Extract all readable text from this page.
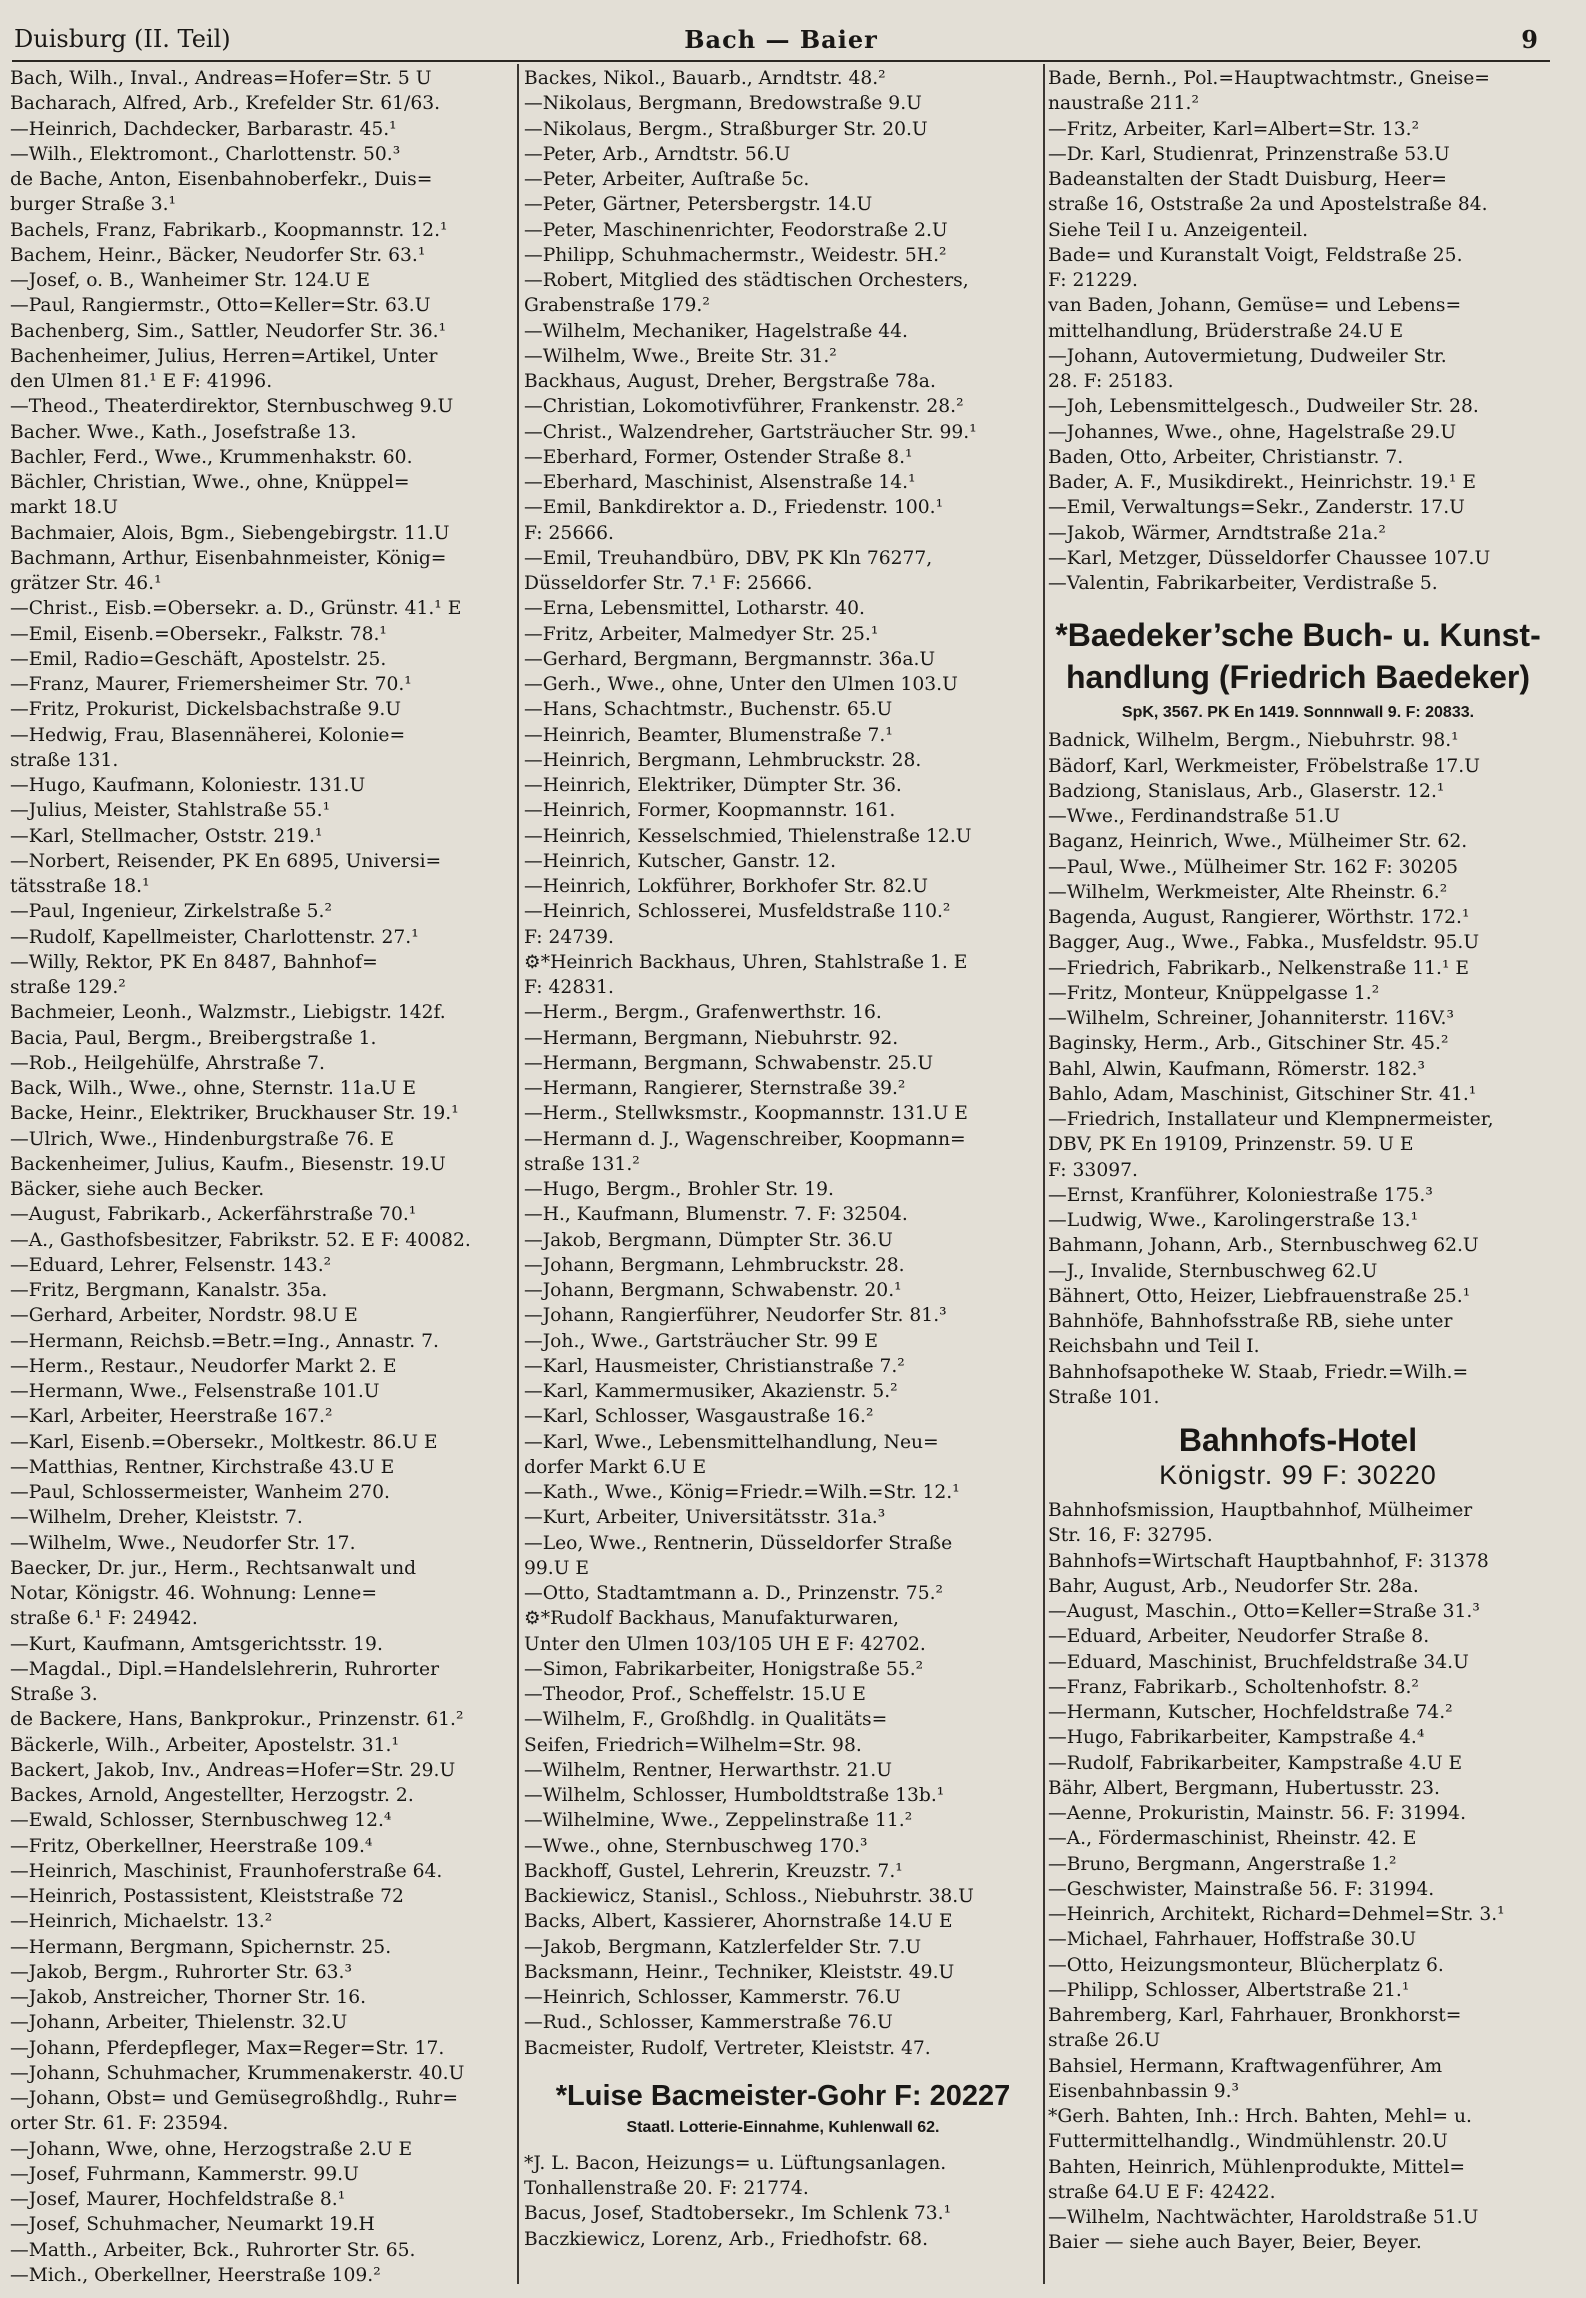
Duisburg (II. Teil)	Bach — Baier	9
Bach, Wilh., Inval., Andreas=Hofer=Str. 5 U
Bacharach, Alfred, Arb., Krefelder Str. 61/63.
—Heinrich, Dachdecker, Barbarastr. 45.¹
—Wilh., Elektromont., Charlottenstr. 50.³
de Bache, Anton, Eisenbahnoberfekr., Duis=
burger Straße 3.¹
Bachels, Franz, Fabrikarb., Koopmannstr. 12.¹
Bachem, Heinr., Bäcker, Neudorfer Str. 63.¹
—Josef, o. B., Wanheimer Str. 124.U E
—Paul, Rangiermstr., Otto=Keller=Str. 63.U
Bachenberg, Sim., Sattler, Neudorfer Str. 36.¹
Bachenheimer, Julius, Herren=Artikel, Unter
den Ulmen 81.¹ E F: 41996.
—Theod., Theaterdirektor, Sternbuschweg 9.U
Bacher. Wwe., Kath., Josefstraße 13.
Bachler, Ferd., Wwe., Krummenhakstr. 60.
Bächler, Christian, Wwe., ohne, Knüppel=
markt 18.U
Bachmaier, Alois, Bgm., Siebengebirgstr. 11.U
Bachmann, Arthur, Eisenbahnmeister, König=
grätzer Str. 46.¹
—Christ., Eisb.=Obersekr. a. D., Grünstr. 41.¹ E
—Emil, Eisenb.=Obersekr., Falkstr. 78.¹
—Emil, Radio=Geschäft, Apostelstr. 25.
—Franz, Maurer, Friemersheimer Str. 70.¹
—Fritz, Prokurist, Dickelsbachstraße 9.U
—Hedwig, Frau, Blasennäherei, Kolonie=
straße 131.
—Hugo, Kaufmann, Koloniestr. 131.U
—Julius, Meister, Stahlstraße 55.¹
—Karl, Stellmacher, Oststr. 219.¹
—Norbert, Reisender, PK En 6895, Universi=
tätsstraße 18.¹
—Paul, Ingenieur, Zirkelstraße 5.²
—Rudolf, Kapellmeister, Charlottenstr. 27.¹
—Willy, Rektor, PK En 8487, Bahnhof=
straße 129.²
Bachmeier, Leonh., Walzmstr., Liebigstr. 142f.
Bacia, Paul, Bergm., Breibergstraße 1.
—Rob., Heilgehülfe, Ahrstraße 7.
Back, Wilh., Wwe., ohne, Sternstr. 11a.U E
Backe, Heinr., Elektriker, Bruckhauser Str. 19.¹
—Ulrich, Wwe., Hindenburgstraße 76. E
Backenheimer, Julius, Kaufm., Biesenstr. 19.U
Bäcker, siehe auch Becker.
—August, Fabrikarb., Ackerfährstraße 70.¹
—A., Gasthofsbesitzer, Fabrikstr. 52. E F: 40082.
—Eduard, Lehrer, Felsenstr. 143.²
—Fritz, Bergmann, Kanalstr. 35a.
—Gerhard, Arbeiter, Nordstr. 98.U E
—Hermann, Reichsb.=Betr.=Ing., Annastr. 7.
—Herm., Restaur., Neudorfer Markt 2. E
—Hermann, Wwe., Felsenstraße 101.U
—Karl, Arbeiter, Heerstraße 167.²
—Karl, Eisenb.=Obersekr., Moltkestr. 86.U E
—Matthias, Rentner, Kirchstraße 43.U E
—Paul, Schlossermeister, Wanheim 270.
—Wilhelm, Dreher, Kleiststr. 7.
—Wilhelm, Wwe., Neudorfer Str. 17.
Baecker, Dr. jur., Herm., Rechtsanwalt und
Notar, Königstr. 46. Wohnung: Lenne=
straße 6.¹ F: 24942.
—Kurt, Kaufmann, Amtsgerichtsstr. 19.
—Magdal., Dipl.=Handelslehrerin, Ruhrorter
Straße 3.
de Backere, Hans, Bankprokur., Prinzenstr. 61.²
Bäckerle, Wilh., Arbeiter, Apostelstr. 31.¹
Backert, Jakob, Inv., Andreas=Hofer=Str. 29.U
Backes, Arnold, Angestellter, Herzogstr. 2.
—Ewald, Schlosser, Sternbuschweg 12.⁴
—Fritz, Oberkellner, Heerstraße 109.⁴
—Heinrich, Maschinist, Fraunhoferstraße 64.
—Heinrich, Postassistent, Kleiststraße 72
—Heinrich, Michaelstr. 13.²
—Hermann, Bergmann, Spichernstr. 25.
—Jakob, Bergm., Ruhrorter Str. 63.³
—Jakob, Anstreicher, Thorner Str. 16.
—Johann, Arbeiter, Thielenstr. 32.U
—Johann, Pferdepfleger, Max=Reger=Str. 17.
—Johann, Schuhmacher, Krummenakerstr. 40.U
—Johann, Obst= und Gemüsegroßhdlg., Ruhr=
orter Str. 61. F: 23594.
—Johann, Wwe, ohne, Herzogstraße 2.U E
—Josef, Fuhrmann, Kammerstr. 99.U
—Josef, Maurer, Hochfeldstraße 8.¹
—Josef, Schuhmacher, Neumarkt 19.H
—Matth., Arbeiter, Bck., Ruhrorter Str. 65.
—Mich., Oberkellner, Heerstraße 109.²
Backes, Nikol., Bauarb., Arndtstr. 48.²
—Nikolaus, Bergmann, Bredowstraße 9.U
—Nikolaus, Bergm., Straßburger Str. 20.U
—Peter, Arb., Arndtstr. 56.U
—Peter, Arbeiter, Auſtraße 5c.
—Peter, Gärtner, Petersbergstr. 14.U
—Peter, Maschinenrichter, Feodorstraße 2.U
—Philipp, Schuhmachermstr., Weidestr. 5H.²
—Robert, Mitglied des städtischen Orchesters,
Grabenstraße 179.²
—Wilhelm, Mechaniker, Hagelstraße 44.
—Wilhelm, Wwe., Breite Str. 31.²
Backhaus, August, Dreher, Bergstraße 78a.
—Christian, Lokomotivführer, Frankenstr. 28.²
—Christ., Walzendreher, Gartsträucher Str. 99.¹
—Eberhard, Former, Ostender Straße 8.¹
—Eberhard, Maschinist, Alsenstraße 14.¹
—Emil, Bankdirektor a. D., Friedenstr. 100.¹
F: 25666.
—Emil, Treuhandbüro, DBV, PK Kln 76277,
Düsseldorfer Str. 7.¹ F: 25666.
—Erna, Lebensmittel, Lotharstr. 40.
—Fritz, Arbeiter, Malmedyer Str. 25.¹
—Gerhard, Bergmann, Bergmannstr. 36a.U
—Gerh., Wwe., ohne, Unter den Ulmen 103.U
—Hans, Schachtmstr., Buchenstr. 65.U
—Heinrich, Beamter, Blumenstraße 7.¹
—Heinrich, Bergmann, Lehmbruckstr. 28.
—Heinrich, Elektriker, Dümpter Str. 36.
—Heinrich, Former, Koopmannstr. 161.
—Heinrich, Kesselschmied, Thielenstraße 12.U
—Heinrich, Kutscher, Ganstr. 12.
—Heinrich, Lokführer, Borkhofer Str. 82.U
—Heinrich, Schlosserei, Musfeldstraße 110.²
F: 24739.
⚙*Heinrich Backhaus, Uhren, Stahlstraße 1. E
F: 42831.
—Herm., Bergm., Grafenwerthstr. 16.
—Hermann, Bergmann, Niebuhrstr. 92.
—Hermann, Bergmann, Schwabenstr. 25.U
—Hermann, Rangierer, Sternstraße 39.²
—Herm., Stellwksmstr., Koopmannstr. 131.U E
—Hermann d. J., Wagenschreiber, Koopmann=
straße 131.²
—Hugo, Bergm., Brohler Str. 19.
—H., Kaufmann, Blumenstr. 7. F: 32504.
—Jakob, Bergmann, Dümpter Str. 36.U
—Johann, Bergmann, Lehmbruckstr. 28.
—Johann, Bergmann, Schwabenstr. 20.¹
—Johann, Rangierführer, Neudorfer Str. 81.³
—Joh., Wwe., Gartsträucher Str. 99 E
—Karl, Hausmeister, Christianstraße 7.²
—Karl, Kammermusiker, Akazienstr. 5.²
—Karl, Schlosser, Wasgaustraße 16.²
—Karl, Wwe., Lebensmittelhandlung, Neu=
dorfer Markt 6.U E
—Kath., Wwe., König=Friedr.=Wilh.=Str. 12.¹
—Kurt, Arbeiter, Universitätsstr. 31a.³
—Leo, Wwe., Rentnerin, Düsseldorfer Straße
99.U E
—Otto, Stadtamtmann a. D., Prinzenstr. 75.²
⚙*Rudolf Backhaus, Manufakturwaren,
Unter den Ulmen 103/105 UH E F: 42702.
—Simon, Fabrikarbeiter, Honigstraße 55.²
—Theodor, Prof., Scheffelstr. 15.U E
—Wilhelm, F., Großhdlg. in Qualitäts=
Seifen, Friedrich=Wilhelm=Str. 98.
—Wilhelm, Rentner, Herwarthstr. 21.U
—Wilhelm, Schlosser, Humboldtstraße 13b.¹
—Wilhelmine, Wwe., Zeppelinstraße 11.²
—Wwe., ohne, Sternbuschweg 170.³
Backhoff, Gustel, Lehrerin, Kreuzstr. 7.¹
Backiewicz, Stanisl., Schloss., Niebuhrstr. 38.U
Backs, Albert, Kassierer, Ahornstraße 14.U E
—Jakob, Bergmann, Katzlerfelder Str. 7.U
Backsmann, Heinr., Techniker, Kleiststr. 49.U
—Heinrich, Schlosser, Kammerstr. 76.U
—Rud., Schlosser, Kammerstraße 76.U
Bacmeister, Rudolf, Vertreter, Kleiststr. 47.
*Luise Bacmeister-Gohr F: 20227
Staatl. Lotterie-Einnahme, Kuhlenwall 62.
*J. L. Bacon, Heizungs= u. Lüftungsanlagen.
Tonhallenstraße 20. F: 21774.
Bacus, Josef, Stadtobersekr., Im Schlenk 73.¹
Baczkiewicz, Lorenz, Arb., Friedhofstr. 68.
Bade, Bernh., Pol.=Hauptwachtmstr., Gneise=
naustraße 211.²
—Fritz, Arbeiter, Karl=Albert=Str. 13.²
—Dr. Karl, Studienrat, Prinzenstraße 53.U
Badeanstalten der Stadt Duisburg, Heer=
straße 16, Oststraße 2a und Apostelstraße 84.
Siehe Teil I u. Anzeigenteil.
Bade= und Kuranstalt Voigt, Feldstraße 25.
F: 21229.
van Baden, Johann, Gemüse= und Lebens=
mittelhandlung, Brüderstraße 24.U E
—Johann, Autovermietung, Dudweiler Str.
28. F: 25183.
—Joh, Lebensmittelgesch., Dudweiler Str. 28.
—Johannes, Wwe., ohne, Hagelstraße 29.U
Baden, Otto, Arbeiter, Christianstr. 7.
Bader, A. F., Musikdirekt., Heinrichstr. 19.¹ E
—Emil, Verwaltungs=Sekr., Zanderstr. 17.U
—Jakob, Wärmer, Arndtstraße 21a.²
—Karl, Metzger, Düsseldorfer Chaussee 107.U
—Valentin, Fabrikarbeiter, Verdistraße 5.
*Baedeker’sche Buch- u. Kunst-
handlung (Friedrich Baedeker)
SpK, 3567. PK En 1419. Sonnnwall 9. F: 20833.
Badnick, Wilhelm, Bergm., Niebuhrstr. 98.¹
Bädorf, Karl, Werkmeister, Fröbelstraße 17.U
Badziong, Stanislaus, Arb., Glaserstr. 12.¹
—Wwe., Ferdinandstraße 51.U
Baganz, Heinrich, Wwe., Mülheimer Str. 62.
—Paul, Wwe., Mülheimer Str. 162 F: 30205
—Wilhelm, Werkmeister, Alte Rheinstr. 6.²
Bagenda, August, Rangierer, Wörthstr. 172.¹
Bagger, Aug., Wwe., Fabka., Musfeldstr. 95.U
—Friedrich, Fabrikarb., Nelkenstraße 11.¹ E
—Fritz, Monteur, Knüppelgasse 1.²
—Wilhelm, Schreiner, Johanniterstr. 116V.³
Baginsky, Herm., Arb., Gitschiner Str. 45.²
Bahl, Alwin, Kaufmann, Römerstr. 182.³
Bahlo, Adam, Maschinist, Gitschiner Str. 41.¹
—Friedrich, Installateur und Klempnermeister,
DBV, PK En 19109, Prinzenstr. 59. U E
F: 33097.
—Ernst, Kranführer, Koloniestraße 175.³
—Ludwig, Wwe., Karolingerstraße 13.¹
Bahmann, Johann, Arb., Sternbuschweg 62.U
—J., Invalide, Sternbuschweg 62.U
Bähnert, Otto, Heizer, Liebfrauenstraße 25.¹
Bahnhöfe, Bahnhofsstraße RB, siehe unter
Reichsbahn und Teil I.
Bahnhofsapotheke W. Staab, Friedr.=Wilh.=
Straße 101.
Bahnhofs-Hotel
Königstr. 99 F: 30220
Bahnhofsmission, Hauptbahnhof, Mülheimer
Str. 16, F: 32795.
Bahnhofs=Wirtschaft Hauptbahnhof, F: 31378
Bahr, August, Arb., Neudorfer Str. 28a.
—August, Maschin., Otto=Keller=Straße 31.³
—Eduard, Arbeiter, Neudorfer Straße 8.
—Eduard, Maschinist, Bruchfeldstraße 34.U
—Franz, Fabrikarb., Scholtenhofstr. 8.²
—Hermann, Kutscher, Hochfeldstraße 74.²
—Hugo, Fabrikarbeiter, Kampstraße 4.⁴
—Rudolf, Fabrikarbeiter, Kampstraße 4.U E
Bähr, Albert, Bergmann, Hubertusstr. 23.
—Aenne, Prokuristin, Mainstr. 56. F: 31994.
—A., Fördermaschinist, Rheinstr. 42. E
—Bruno, Bergmann, Angerstraße 1.²
—Geschwister, Mainstraße 56. F: 31994.
—Heinrich, Architekt, Richard=Dehmel=Str. 3.¹
—Michael, Fahrhauer, Hoffstraße 30.U
—Otto, Heizungsmonteur, Blücherplatz 6.
—Philipp, Schlosser, Albertstraße 21.¹
Bahremberg, Karl, Fahrhauer, Bronkhorst=
straße 26.U
Bahsiel, Hermann, Kraftwagenführer, Am
Eisenbahnbassin 9.³
*Gerh. Bahten, Inh.: Hrch. Bahten, Mehl= u.
Futtermittelhandlg., Windmühlenstr. 20.U
Bahten, Heinrich, Mühlenprodukte, Mittel=
straße 64.U E F: 42422.
—Wilhelm, Nachtwächter, Haroldstraße 51.U
Baier — siehe auch Bayer, Beier, Beyer.
